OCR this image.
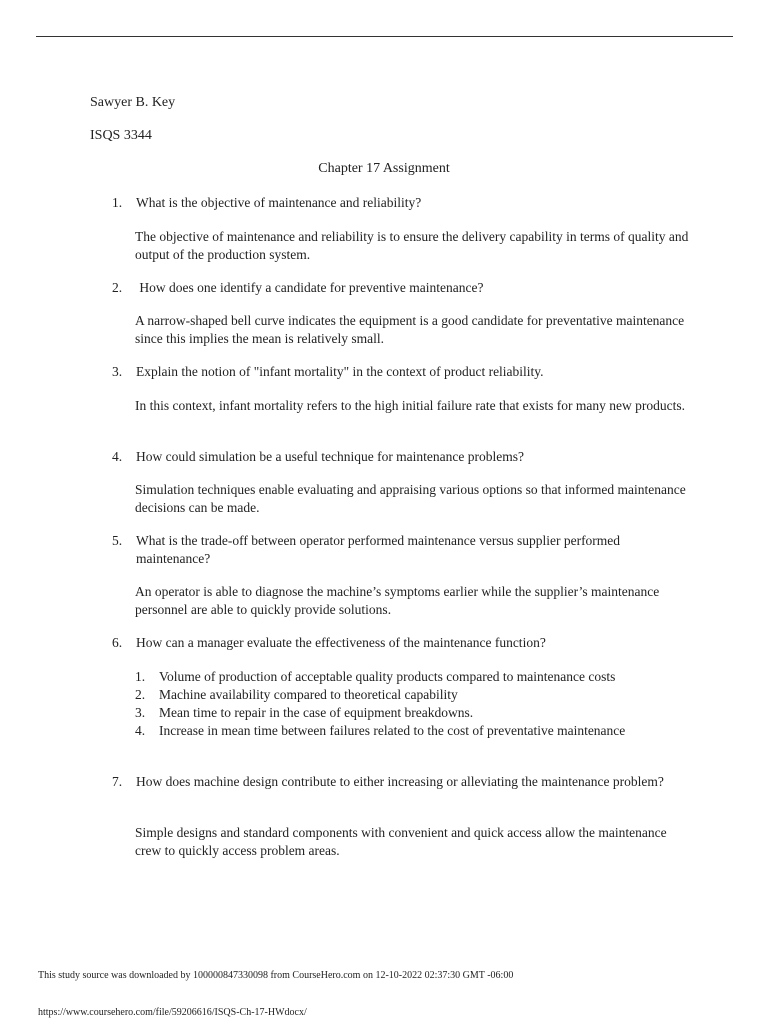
Sawyer B. Key
ISQS 3344
Chapter 17 Assignment
1.	What is the objective of maintenance and reliability?
The objective of maintenance and reliability is to ensure the delivery capability in terms of quality and output of the production system.
2.	How does one identify a candidate for preventive maintenance?
A narrow-shaped bell curve indicates the equipment is a good candidate for preventative maintenance since this implies the mean is relatively small.
3.	Explain the notion of "infant mortality" in the context of product reliability.
In this context, infant mortality refers to the high initial failure rate that exists for many new products.
4.	How could simulation be a useful technique for maintenance problems?
Simulation techniques enable evaluating and appraising various options so that informed maintenance decisions can be made.
5.	What is the trade-off between operator performed maintenance versus supplier performed maintenance?
An operator is able to diagnose the machine’s symptoms earlier while the supplier’s maintenance personnel are able to quickly provide solutions.
6.	How can a manager evaluate the effectiveness of the maintenance function?
1.	Volume of production of acceptable quality products compared to maintenance costs
2.	Machine availability compared to theoretical capability
3.	Mean time to repair in the case of equipment breakdowns.
4.	Increase in mean time between failures related to the cost of preventative maintenance
7.	How does machine design contribute to either increasing or alleviating the maintenance problem?
Simple designs and standard components with convenient and quick access allow the maintenance crew to quickly access problem areas.
This study source was downloaded by 100000847330098 from CourseHero.com on 12-10-2022 02:37:30 GMT -06:00
https://www.coursehero.com/file/59206616/ISQS-Ch-17-HWdocx/
